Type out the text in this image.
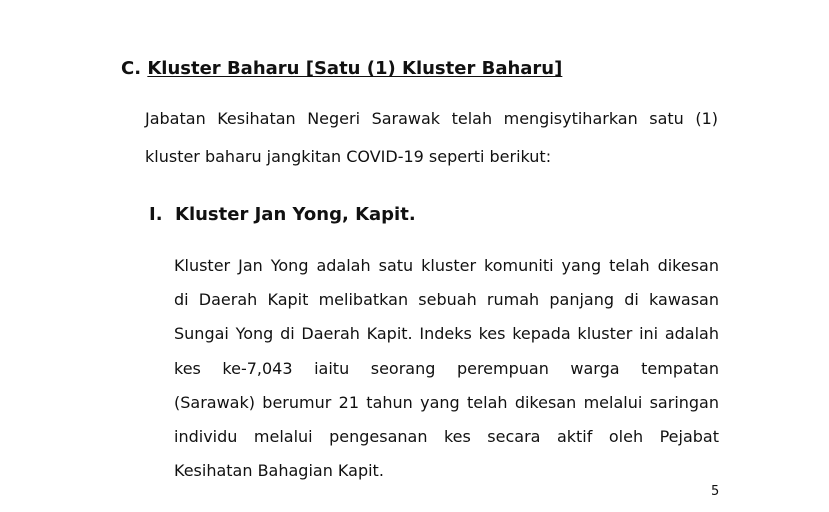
C. Kluster Baharu [Satu (1) Kluster Baharu]
Jabatan Kesihatan Negeri Sarawak telah mengisytiharkan satu (1)
kluster baharu jangkitan COVID-19 seperti berikut:
I. Kluster Jan Yong, Kapit.
Kluster Jan Yong adalah satu kluster komuniti yang telah dikesan
di Daerah Kapit melibatkan sebuah rumah panjang di kawasan
Sungai Yong di Daerah Kapit. Indeks kes kepada kluster ini adalah
kes ke-7,043 iaitu seorang perempuan warga tempatan
(Sarawak) berumur 21 tahun yang telah dikesan melalui saringan
individu melalui pengesanan kes secara aktif oleh Pejabat
Kesihatan Bahagian Kapit.
5
